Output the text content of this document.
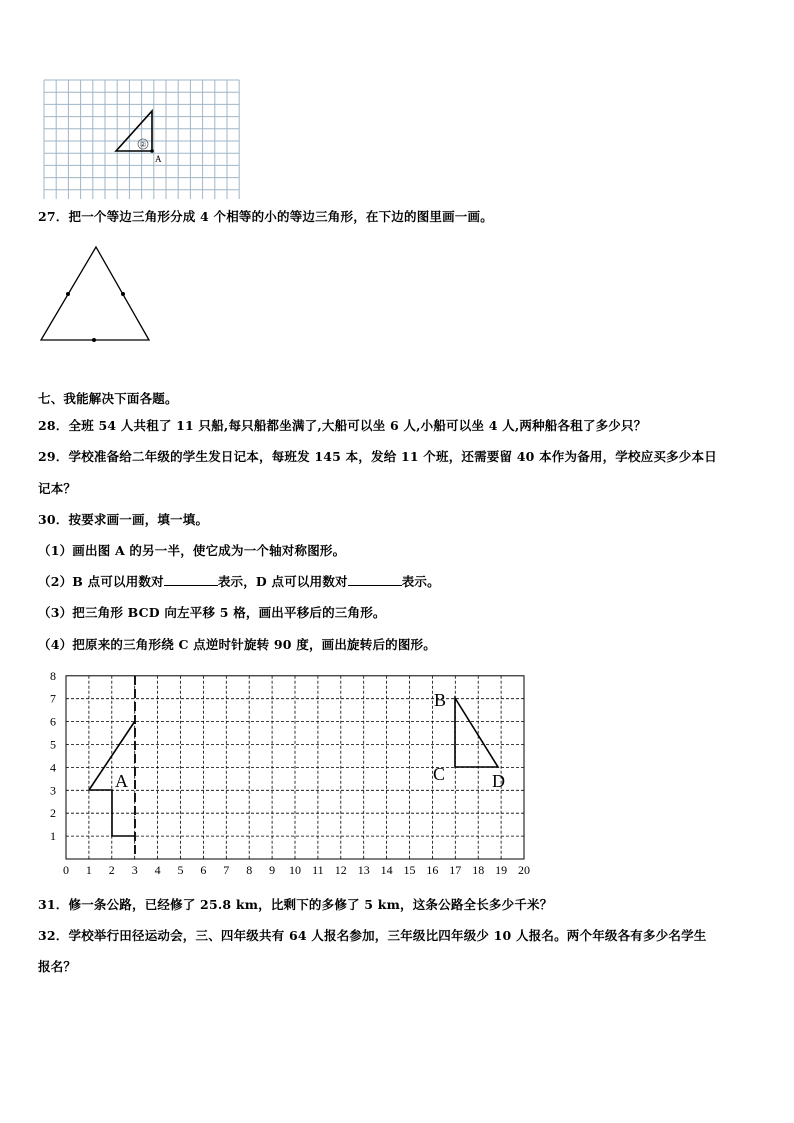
②
A
27．把一个等边三角形分成 4 个相等的小的等边三角形，在下边的图里画一画。
七、我能解决下面各题。
28．全班 54 人共租了 11 只船,每只船都坐满了,大船可以坐 6 人,小船可以坐 4 人,两种船各租了多少只？
29．学校准备给二年级的学生发日记本，每班发 145 本，发给 11 个班，还需要留 40 本作为备用，学校应买多少本日
记本？
30．按要求画一画，填一填。
（1）画出图 A 的另一半，使它成为一个轴对称图形。
（2）B 点可以用数对	表示，D 点可以用数对	表示。
（3）把三角形 BCD 向左平移 5 格，画出平移后的三角形。
（4）把原来的三角形绕 C 点逆时针旋转 90 度，画出旋转后的图形。
0 1 2 3 4 5 6 7 8 9 10 11 12 13 14 15 16 17 18 19 20
1
2
3
4
5
6
7
8
A
B
C	D
31．修一条公路，已经修了 25.8 km，比剩下的多修了 5 km，这条公路全长多少千米？
32．学校举行田径运动会，三、四年级共有 64 人报名参加，三年级比四年级少 10 人报名。两个年级各有多少名学生
报名？
